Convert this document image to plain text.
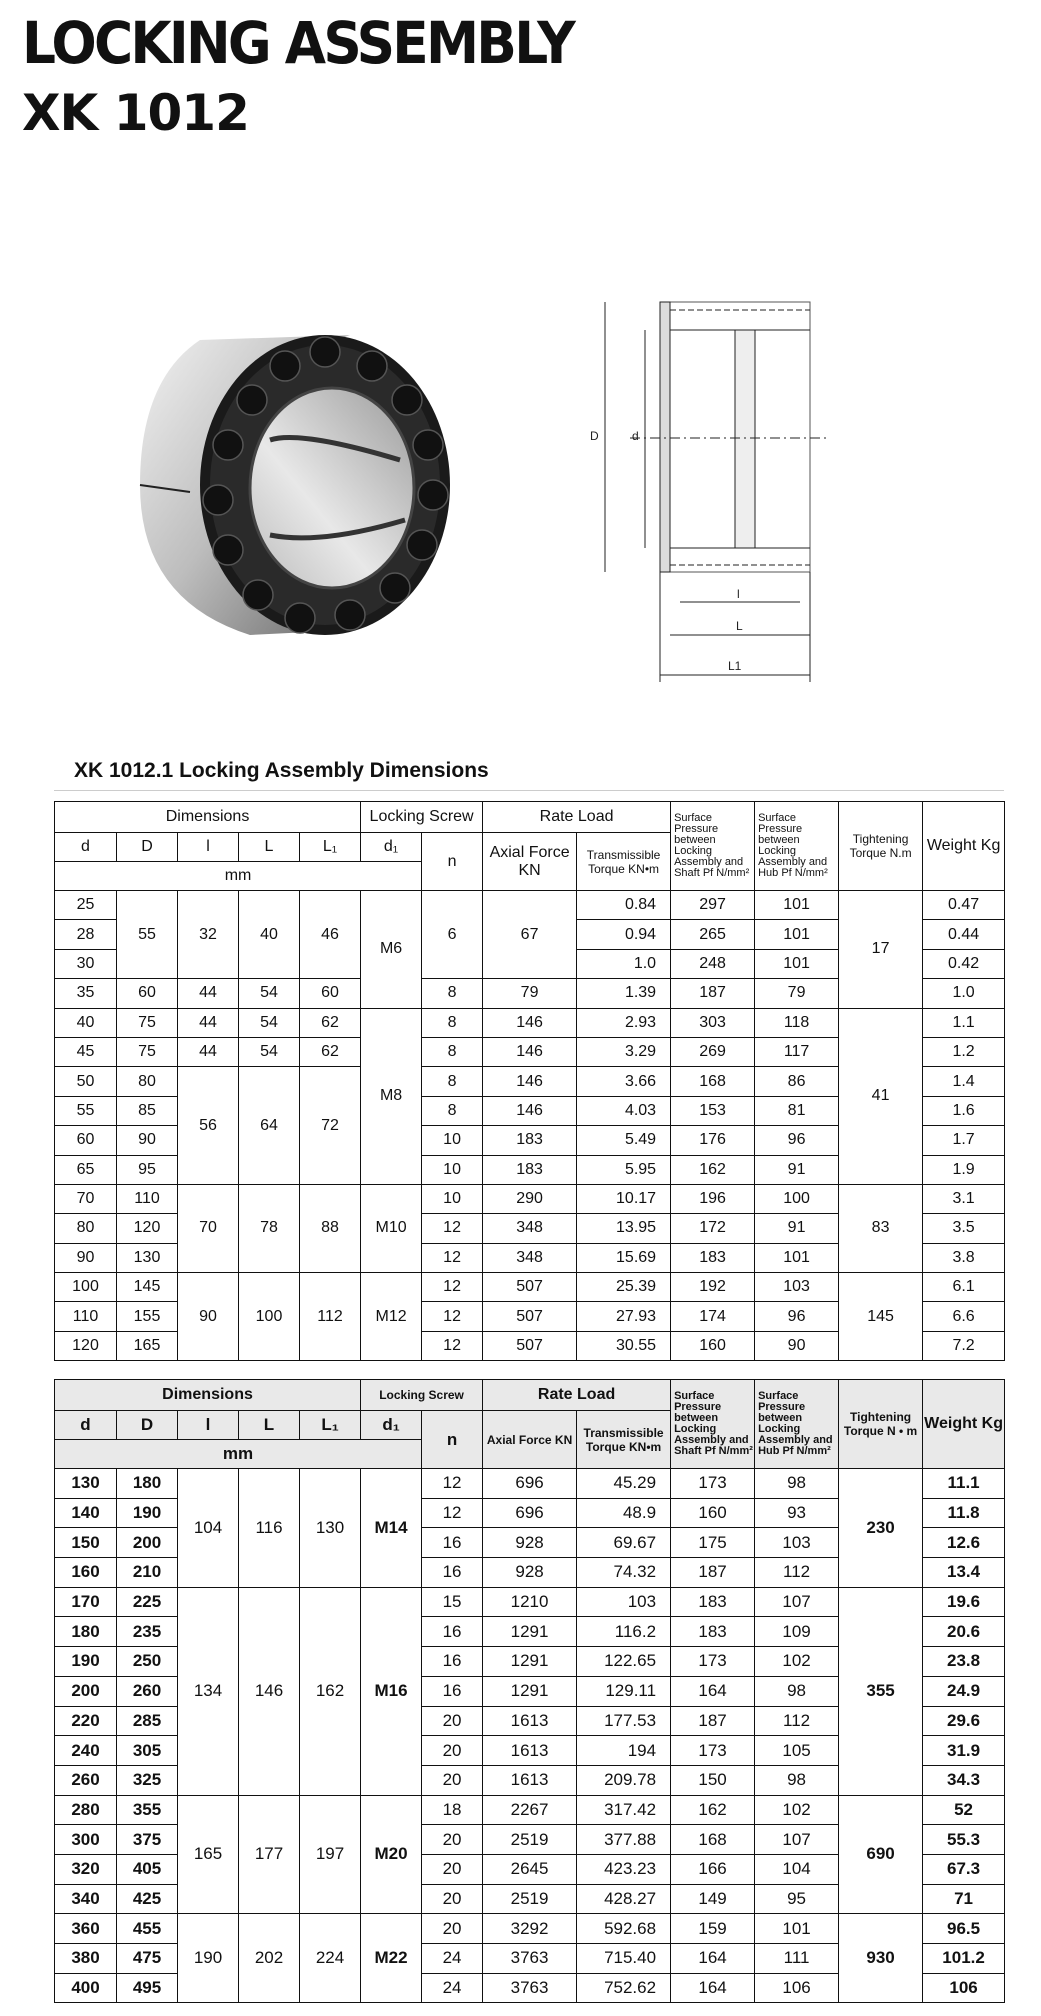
LOCKING ASSEMBLY
XK 1012
D	d
l
L
L1
XK 1012.1 Locking Assembly Dimensions
Dimensions					Locking Screw		Rate Load		Surface Pressure between Locking Assembly and Shaft Pf N/mm²	Surface Pressure between Locking Assembly and Hub Pf N/mm²	Tightening Torque N.m	Weight Kg
d	D	l	L	L₁	d₁	n	Axial Force KN	Transmissible Torque KN•m				
mm												
25	55	32	40	46	M6	6	67	0.84	297	101	17	0.47
28								0.94	265	101		0.44
30								1.0	248	101		0.42
35	60	44	54	60		8	79	1.39	187	79		1.0
40	75	44	54	62	M8	8	146	2.93	303	118	41	1.1
45	75	44	54	62		8	146	3.29	269	117		1.2
50	80	56	64	72		8	146	3.66	168	86		1.4
55	85					8	146	4.03	153	81		1.6
60	90					10	183	5.49	176	96		1.7
65	95					10	183	5.95	162	91		1.9
70	110	70	78	88	M10	10	290	10.17	196	100	83	3.1
80	120					12	348	13.95	172	91		3.5
90	130					12	348	15.69	183	101		3.8
100	145	90	100	112	M12	12	507	25.39	192	103	145	6.1
110	155					12	507	27.93	174	96		6.6
120	165					12	507	30.55	160	90		7.2
Dimensions					Locking Screw		Rate Load		Surface Pressure between Locking Assembly and Shaft Pf N/mm²	Surface Pressure between Locking Assembly and Hub Pf N/mm²	Tightening Torque N • m	Weight Kg
d	D	l	L	L₁	d₁	n	Axial Force KN	Transmissible Torque KN•m				
mm												
130	180	104	116	130	M14	12	696	45.29	173	98	230	11.1
140	190					12	696	48.9	160	93		11.8
150	200					16	928	69.67	175	103		12.6
160	210					16	928	74.32	187	112		13.4
170	225	134	146	162	M16	15	1210	103	183	107	355	19.6
180	235					16	1291	116.2	183	109		20.6
190	250					16	1291	122.65	173	102		23.8
200	260					16	1291	129.11	164	98		24.9
220	285					20	1613	177.53	187	112		29.6
240	305					20	1613	194	173	105		31.9
260	325					20	1613	209.78	150	98		34.3
280	355	165	177	197	M20	18	2267	317.42	162	102	690	52
300	375					20	2519	377.88	168	107		55.3
320	405					20	2645	423.23	166	104		67.3
340	425					20	2519	428.27	149	95		71
360	455	190	202	224	M22	20	3292	592.68	159	101	930	96.5
380	475					24	3763	715.40	164	111		101.2
400	495					24	3763	752.62	164	106		106
